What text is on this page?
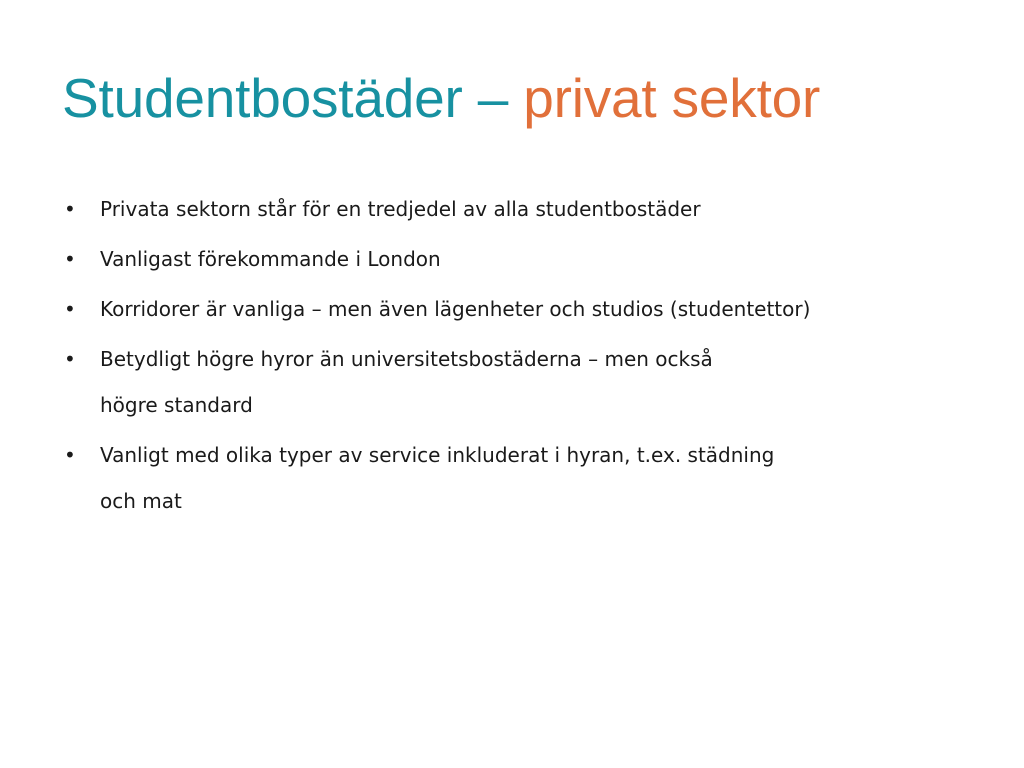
Studentbostäder – privat sektor
• Privata sektorn står för en tredjedel av alla studentbostäder
• Vanligast förekommande i London
• Korridorer är vanliga – men även lägenheter och studios (studentettor)
• Betydligt högre hyror än universitetsbostäderna – men också
högre standard
• Vanligt med olika typer av service inkluderat i hyran, t.ex. städning
och mat
